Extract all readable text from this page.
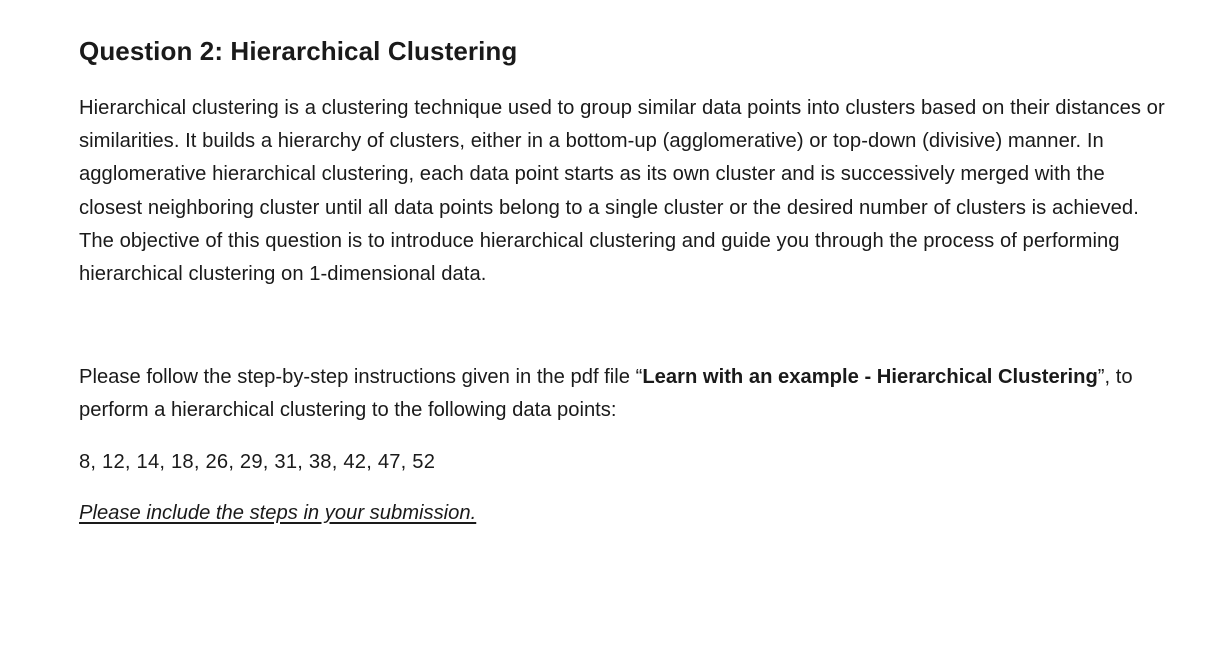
Question 2: Hierarchical Clustering

Hierarchical clustering is a clustering technique used to group similar data points into clusters based on their distances or similarities. It builds a hierarchy of clusters, either in a bottom-up (agglomerative) or top-down (divisive) manner. In agglomerative hierarchical clustering, each data point starts as its own cluster and is successively merged with the closest neighboring cluster until all data points belong to a single cluster or the desired number of clusters is achieved. The objective of this question is to introduce hierarchical clustering and guide you through the process of performing hierarchical clustering on 1-dimensional data.

Please follow the step-by-step instructions given in the pdf file “Learn with an example - Hierarchical Clustering”, to perform a hierarchical clustering to the following data points:

8, 12, 14, 18, 26, 29, 31, 38, 42, 47, 52

Please include the steps in your submission.
